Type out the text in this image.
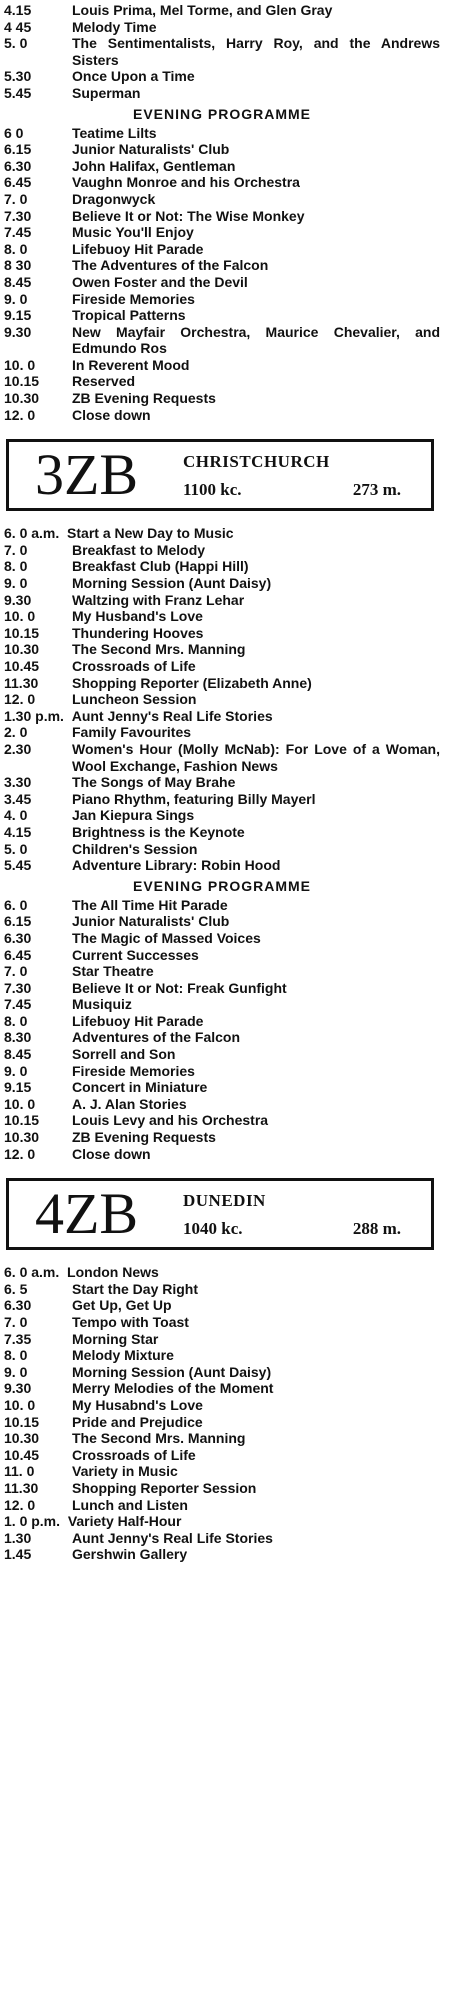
4.15	Louis Prima, Mel Torme, and Glen Gray
4 45	Melody Time
5. 0	The Sentimentalists, Harry Roy, and the Andrews Sisters
5.30	Once Upon a Time
5.45	Superman
EVENING PROGRAMME
6 0	Teatime Lilts
6.15	Junior Naturalists' Club
6.30	John Halifax, Gentleman
6.45	Vaughn Monroe and his Orchestra
7. 0	Dragonwyck
7.30	Believe It or Not: The Wise Monkey
7.45	Music You'll Enjoy
8. 0	Lifebuoy Hit Parade
8 30	The Adventures of the Falcon
8.45	Owen Foster and the Devil
9. 0	Fireside Memories
9.15	Tropical Patterns
9.30	New Mayfair Orchestra, Maurice Chevalier, and Edmundo Ros
10. 0	In Reverent Mood
10.15	Reserved
10.30	ZB Evening Requests
12. 0	Close down
3ZB	CHRISTCHURCH
1100 kc.	273 m.
6. 0 a.m.  Start a New Day to Music
7. 0	Breakfast to Melody
8. 0	Breakfast Club (Happi Hill)
9. 0	Morning Session (Aunt Daisy)
9.30	Waltzing with Franz Lehar
10. 0	My Husband's Love
10.15	Thundering Hooves
10.30	The Second Mrs. Manning
10.45	Crossroads of Life
11.30	Shopping Reporter (Elizabeth Anne)
12. 0	Luncheon Session
1.30 p.m.  Aunt Jenny's Real Life Stories
2. 0	Family Favourites
2.30	Women's Hour (Molly McNab): For Love of a Woman, Wool Exchange, Fashion News
3.30	The Songs of May Brahe
3.45	Piano Rhythm, featuring Billy Mayerl
4. 0	Jan Kiepura Sings
4.15	Brightness is the Keynote
5. 0	Children's Session
5.45	Adventure Library: Robin Hood
EVENING PROGRAMME
6. 0	The All Time Hit Parade
6.15	Junior Naturalists' Club
6.30	The Magic of Massed Voices
6.45	Current Successes
7. 0	Star Theatre
7.30	Believe It or Not: Freak Gunfight
7.45	Musiquiz
8. 0	Lifebuoy Hit Parade
8.30	Adventures of the Falcon
8.45	Sorrell and Son
9. 0	Fireside Memories
9.15	Concert in Miniature
10. 0	A. J. Alan Stories
10.15	Louis Levy and his Orchestra
10.30	ZB Evening Requests
12. 0	Close down
4ZB	DUNEDIN
1040 kc.	288 m.
6. 0 a.m.  London News
6. 5	Start the Day Right
6.30	Get Up, Get Up
7. 0	Tempo with Toast
7.35	Morning Star
8. 0	Melody Mixture
9. 0	Morning Session (Aunt Daisy)
9.30	Merry Melodies of the Moment
10. 0	My Husabnd's Love
10.15	Pride and Prejudice
10.30	The Second Mrs. Manning
10.45	Crossroads of Life
11. 0	Variety in Music
11.30	Shopping Reporter Session
12. 0	Lunch and Listen
1. 0 p.m.  Variety Half-Hour
1.30	Aunt Jenny's Real Life Stories
1.45	Gershwin Gallery
